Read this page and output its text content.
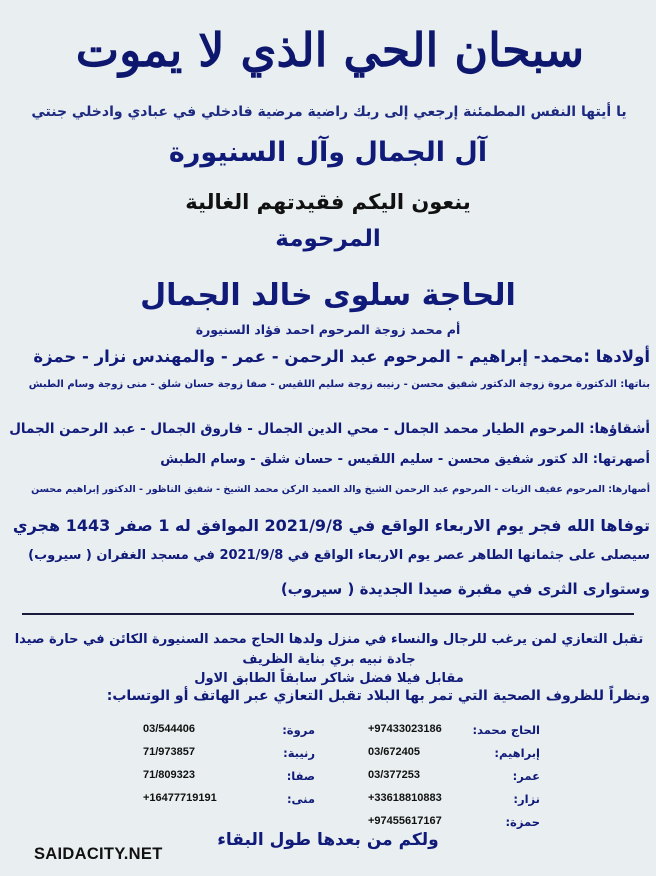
سبحان الحي الذي لا يموت
يا أيتها النفس المطمئنة إرجعي إلى ربك راضية مرضية فادخلي في عبادي وادخلي جنتي
آل الجمال وآل السنيورة
ينعون اليكم فقيدتهم الغالية
المرحومة
الحاجة سلوى خالد الجمال
أم محمد زوجة المرحوم احمد فؤاد السنيورة
أولادها :محمد- إبراهيم - المرحوم عبد الرحمن - عمر - والمهندس نزار - حمزة
بناتها: الدكتورة مروة زوجة الدكتور شفيق محسن - رنيبه زوجة سليم اللقيس - صفا زوجة حسان شلق - منى زوجة وسام الطبش
أشقاؤها: المرحوم الطيار محمد الجمال - محي الدين الجمال - فاروق الجمال - عبد الرحمن الجمال
أصهرتها: الد كتور شفيق محسن - سليم اللقيس - حسان شلق - وسام الطبش
أصهارها: المرحوم عفيف الزيات - المرحوم عبد الرحمن الشيخ والد العميد الركن محمد الشيخ - شفيق الناظور - الدكتور إبراهيم محسن
توفاها الله فجر يوم الاربعاء الواقع في 2021/9/8 الموافق له 1 صفر 1443 هجري
سيصلى على جثمانها الطاهر عصر يوم الاربعاء الواقع في 2021/9/8 في مسجد الغفران ( سيروب)
وستوارى الثرى في مقبرة صيدا الجديدة ( سيروب)
تقبل التعازي لمن يرغب للرجال والنساء في منزل ولدها الحاج محمد السنيورة الكائن في حارة صيدا جادة نبيه بري بناية الظريف
مقابل فيلا فضل شاكر سابقاً الطابق الاول
ونظراً للظروف الصحية التي تمر بها البلاد تقبل التعازي عبر الهاتف أو الوتساب:
الحاج محمد:
+97433023186
إبراهيم:
03/672405
عمر:
03/377253
نزار:
+33618810883
حمزة:
+97455617167
مروة:
03/544406
رنيبة:
71/973857
صفا:
71/809323
منى:
+16477719191
ولكم من بعدها طول البقاء
SAIDACITY.NET
